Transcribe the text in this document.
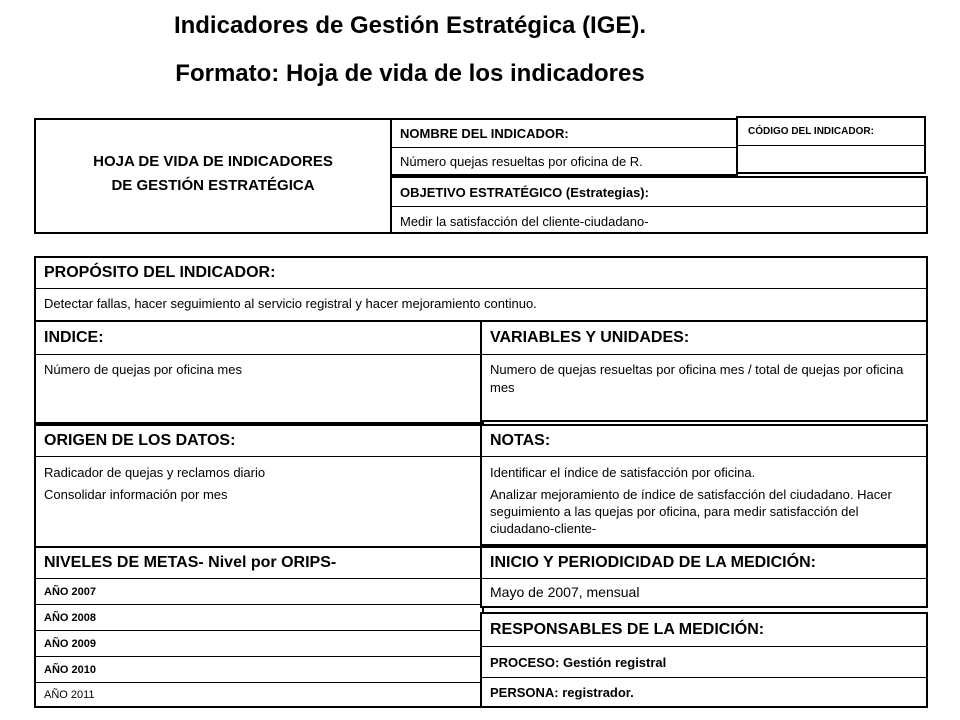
Indicadores de Gestión Estratégica (IGE).
Formato: Hoja de vida de los indicadores
HOJA DE VIDA DE INDICADORES
DE GESTIÓN ESTRATÉGICA
NOMBRE DEL INDICADOR:
Número quejas resueltas por oficina de R.
CÓDIGO DEL INDICADOR:
OBJETIVO ESTRATÉGICO (Estrategias):
Medir la satisfacción del cliente-ciudadano-
PROPÓSITO DEL INDICADOR:
Detectar fallas, hacer seguimiento al servicio registral y hacer mejoramiento continuo.
INDICE:
Número de quejas por oficina mes
VARIABLES Y UNIDADES:
Numero de quejas resueltas por oficina mes / total de quejas por oficina mes
ORIGEN DE LOS DATOS:
Radicador de quejas y reclamos diario
Consolidar información por mes
NOTAS:
Identificar el índice de satisfacción por oficina.
Analizar mejoramiento de índice de satisfacción del ciudadano. Hacer seguimiento a las quejas por oficina, para medir satisfacción del ciudadano-cliente-
NIVELES DE METAS- Nivel por ORIPS-
AÑO 2007
AÑO 2008
AÑO 2009
AÑO 2010
AÑO 2011
INICIO Y PERIODICIDAD DE LA MEDICIÓN:
Mayo de 2007, mensual
RESPONSABLES DE LA MEDICIÓN:
PROCESO: Gestión registral
PERSONA: registrador.
